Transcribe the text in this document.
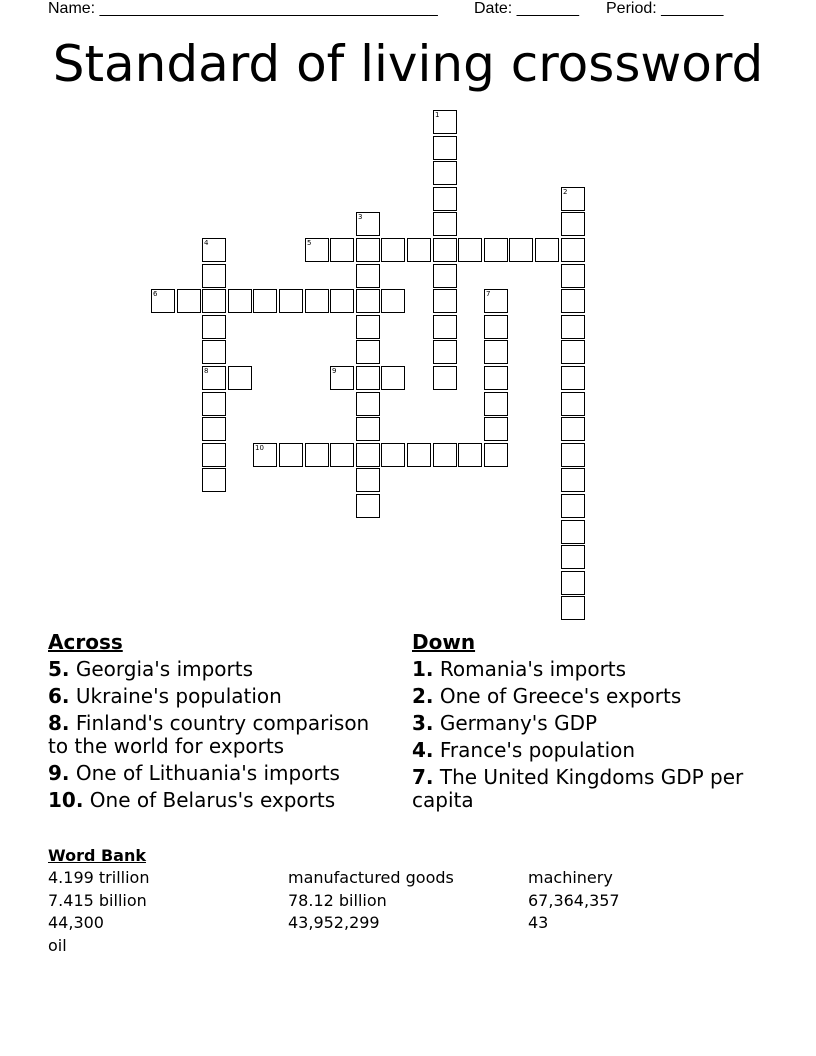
Name: ______________________________________ Date: _______ Period: _______
Standard of living crossword
1
2
3
4
8
5
6	7
9
10
Across
5. Georgia's imports
6. Ukraine's population
8. Finland's country comparison to the world for exports
9. One of Lithuania's imports
10. One of Belarus's exports
Down
1. Romania's imports
2. One of Greece's exports
3. Germany's GDP
4. France's population
7. The United Kingdoms GDP per capita
Word Bank
4.199 trillion	manufactured goods	machinery
7.415 billion	78.12 billion	67,364,357
44,300	43,952,299	43
oil
